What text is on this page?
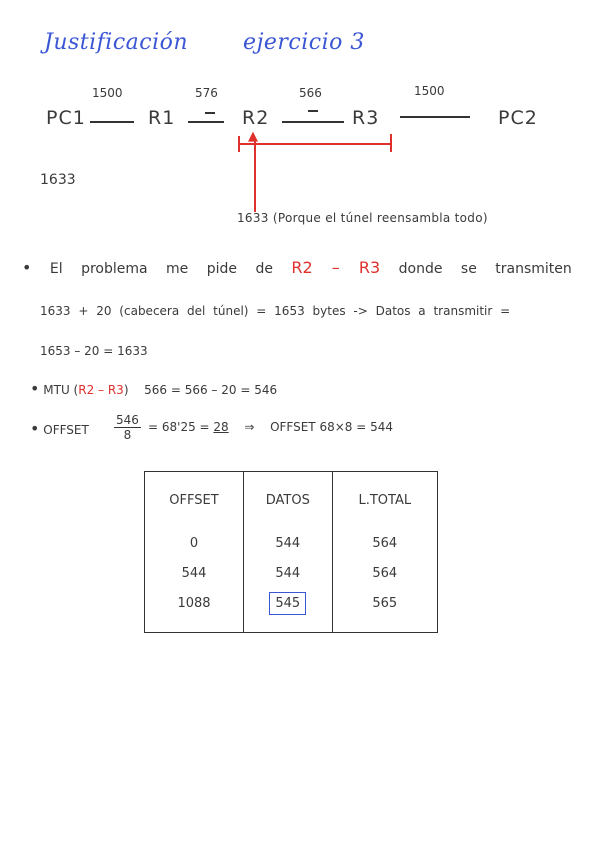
Justificación	ejercicio 3
1500	576	566	1500
PC1	R1	R2	R3	PC2
▲
1633
1633 (Porque el túnel reensambla todo)
• El problema me pide de R2 – R3 donde se transmiten
1633 + 20 (cabecera del túnel) = 1653 bytes -> Datos a transmitir =
1653 – 20 = 1633
• MTU (R2 – R3) 566 = 566 – 20 = 546
• OFFSET $\frac{546}{8} = 68'25 = 28$ ⇒ OFFSET 68×8 = 544
OFFSET	DATOS	L.TOTAL
0	544	564
544	544	564
1088	545	565
